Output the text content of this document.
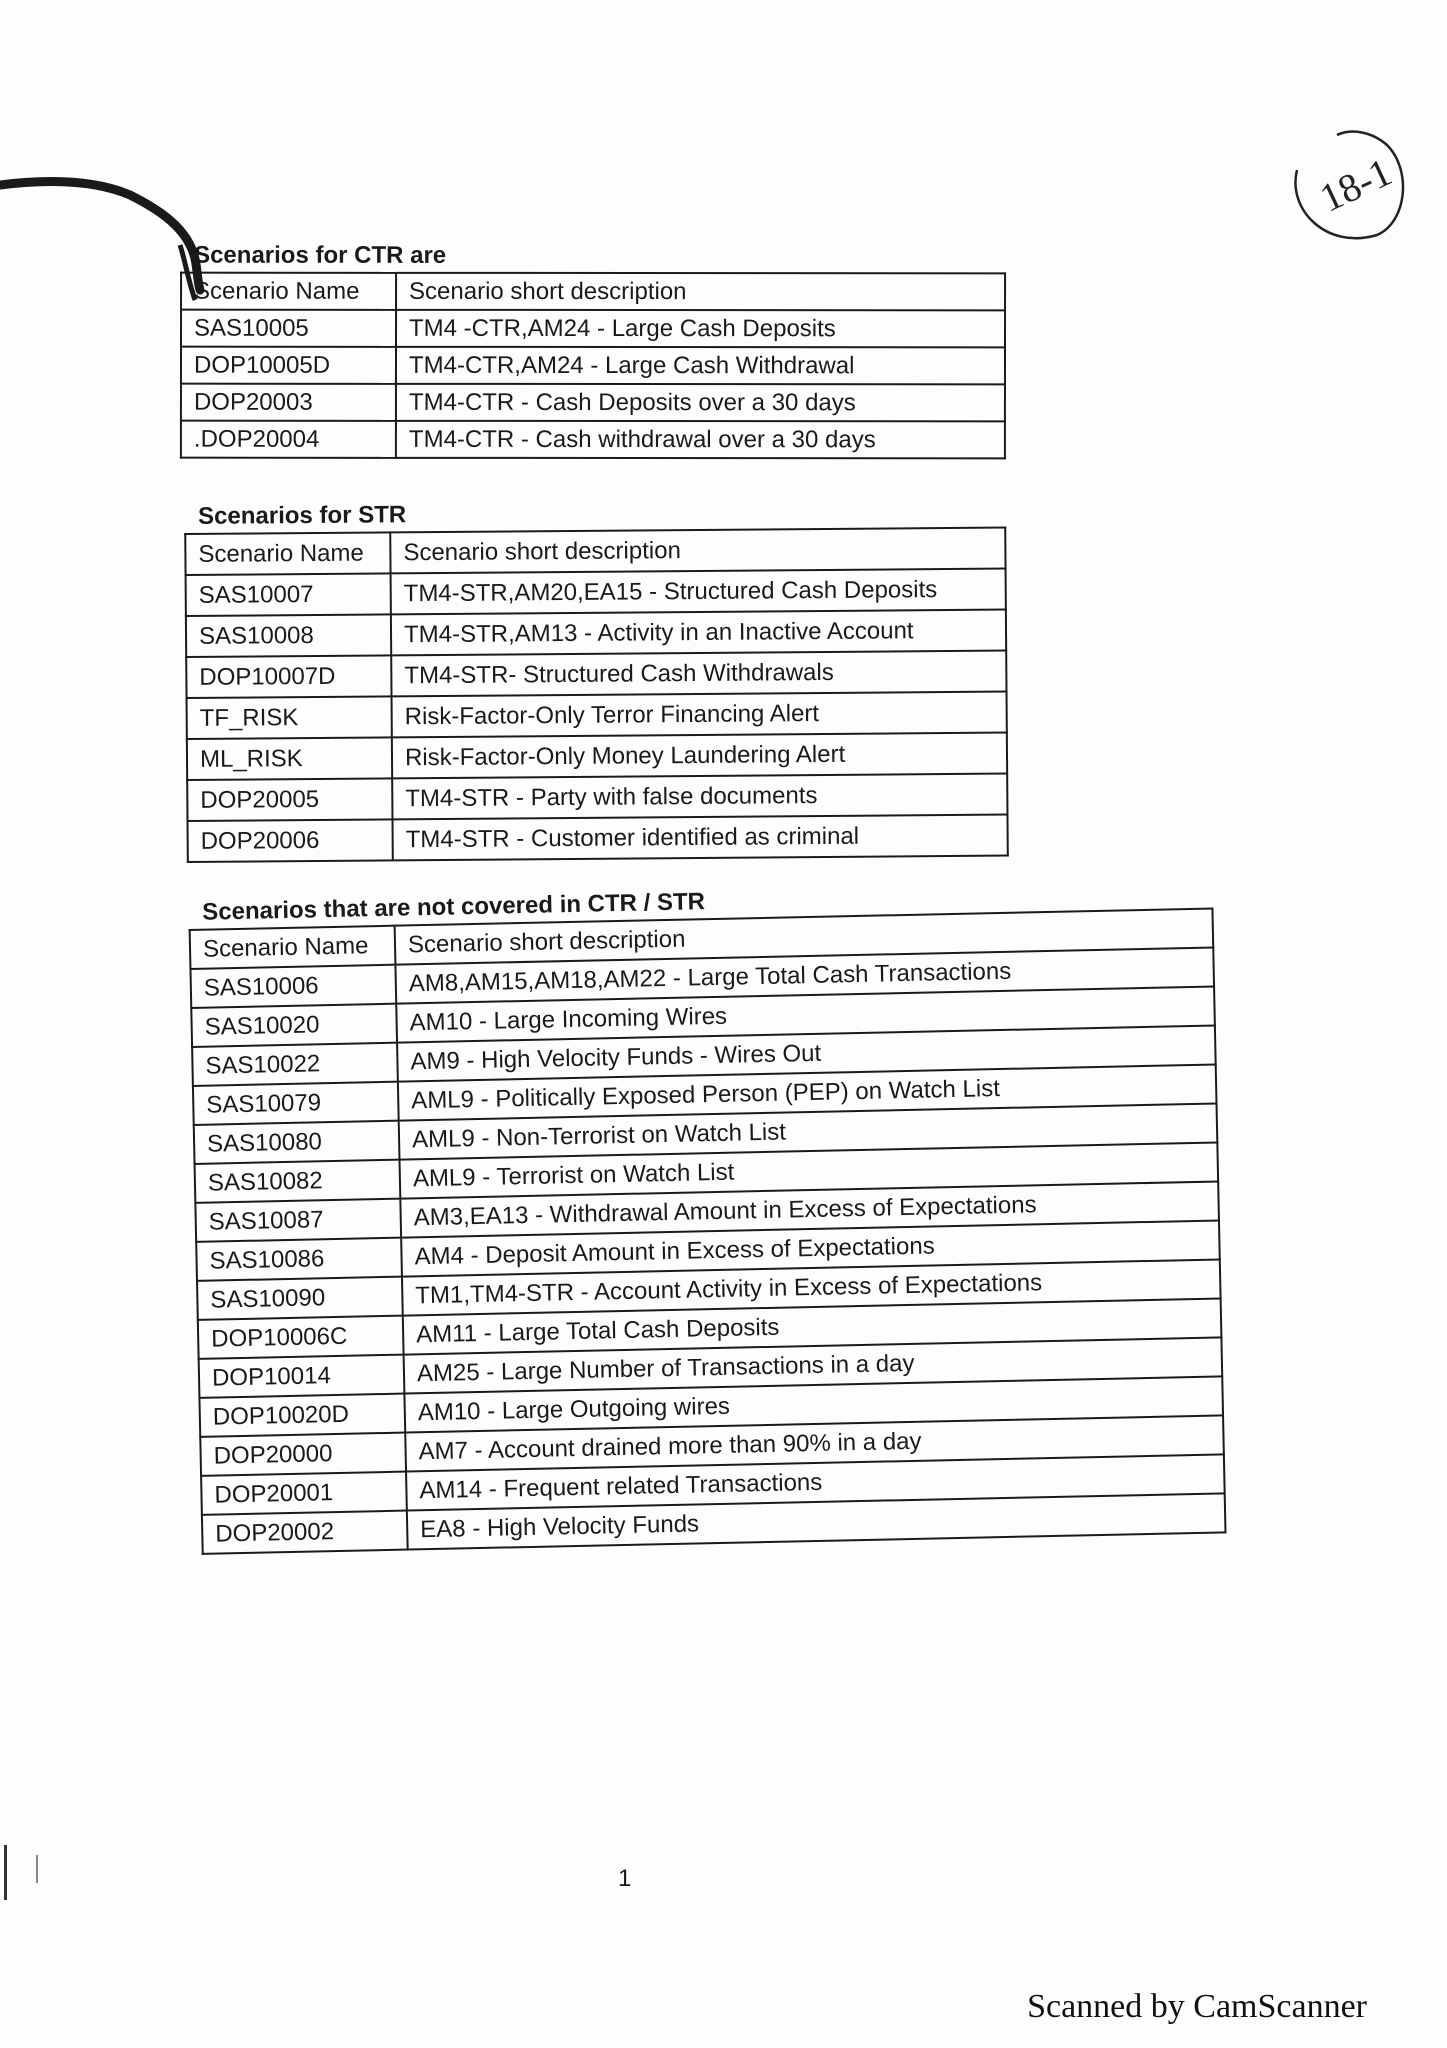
18-1
Scenarios for CTR are
Scenario Name	Scenario short description
SAS10005	TM4 -CTR,AM24 - Large Cash Deposits
DOP10005D	TM4-CTR,AM24 - Large Cash Withdrawal
DOP20003	TM4-CTR - Cash Deposits over a 30 days
.DOP20004	TM4-CTR - Cash withdrawal over a 30 days
Scenarios for STR
Scenario Name	Scenario short description
SAS10007	TM4-STR,AM20,EA15 - Structured Cash Deposits
SAS10008	TM4-STR,AM13 - Activity in an Inactive Account
DOP10007D	TM4-STR- Structured Cash Withdrawals
TF_RISK	Risk-Factor-Only Terror Financing Alert
ML_RISK	Risk-Factor-Only Money Laundering Alert
DOP20005	TM4-STR - Party with false documents
DOP20006	TM4-STR - Customer identified as criminal
Scenarios that are not covered in CTR / STR
Scenario Name	Scenario short description
SAS10006	AM8,AM15,AM18,AM22 - Large Total Cash Transactions
SAS10020	AM10 - Large Incoming Wires
SAS10022	AM9 - High Velocity Funds - Wires Out
SAS10079	AML9 - Politically Exposed Person (PEP) on Watch List
SAS10080	AML9 - Non-Terrorist on Watch List
SAS10082	AML9 - Terrorist on Watch List
SAS10087	AM3,EA13 - Withdrawal Amount in Excess of Expectations
SAS10086	AM4 - Deposit Amount in Excess of Expectations
SAS10090	TM1,TM4-STR - Account Activity in Excess of Expectations
DOP10006C	AM11 - Large Total Cash Deposits
DOP10014	AM25 - Large Number of Transactions in a day
DOP10020D	AM10 - Large Outgoing wires
DOP20000	AM7 - Account drained more than 90% in a day
DOP20001	AM14 - Frequent related Transactions
DOP20002	EA8 - High Velocity Funds
1
Scanned by CamScanner
